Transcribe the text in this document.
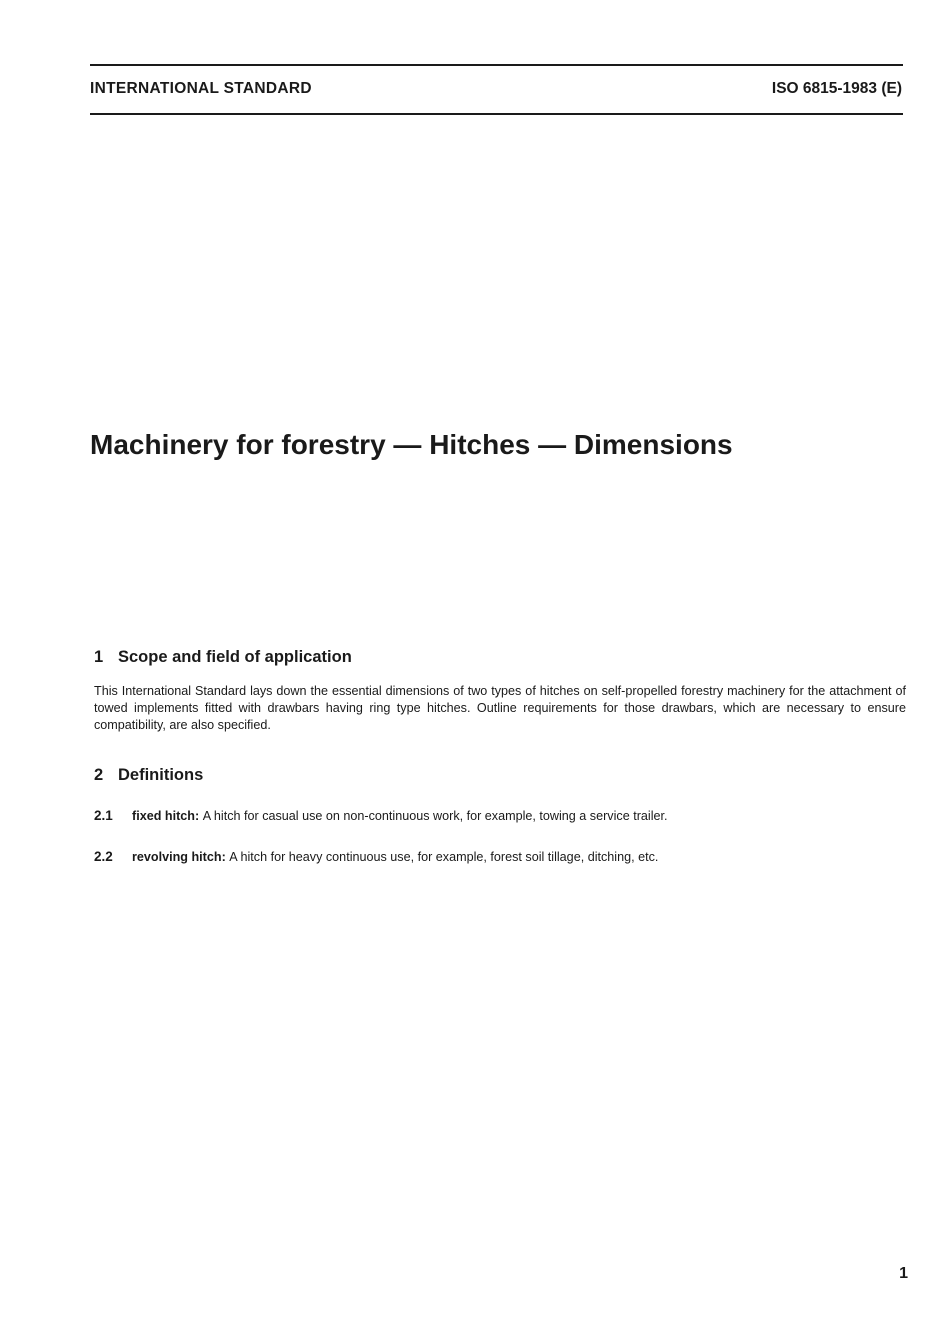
INTERNATIONAL STANDARD	ISO 6815-1983 (E)
Machinery for forestry — Hitches — Dimensions
1 Scope and field of application
This International Standard lays down the essential dimensions of two types of hitches on self-propelled forestry machinery for the attachment of towed implements fitted with drawbars having ring type hitches. Outline requirements for those drawbars, which are necessary to ensure compatibility, are also specified.
2 Definitions
2.1 fixed hitch: A hitch for casual use on non-continuous work, for example, towing a service trailer.
2.2 revolving hitch: A hitch for heavy continuous use, for example, forest soil tillage, ditching, etc.
1
